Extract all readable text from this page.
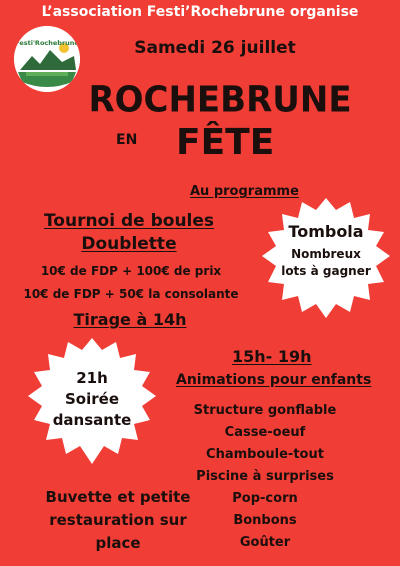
L’association Festi’Rochebrune organise
Festi'Rochebrune	Samedi 26 juillet
ROCHEBRUNE
EN FÊTE
Au programme
Tournoi de boules
Doublette
10€ de FDP + 100€ de prix
10€ de FDP + 50€ la consolante
Tirage à 14h
Tombola
Nombreux
lots à gagner
21h
Soirée
dansante
15h- 19h
Animations pour enfants
Structure gonflable
Casse-oeuf
Chamboule-tout
Piscine à surprises
Pop-corn
Bonbons
Goûter
Buvette et petite
restauration sur
place
